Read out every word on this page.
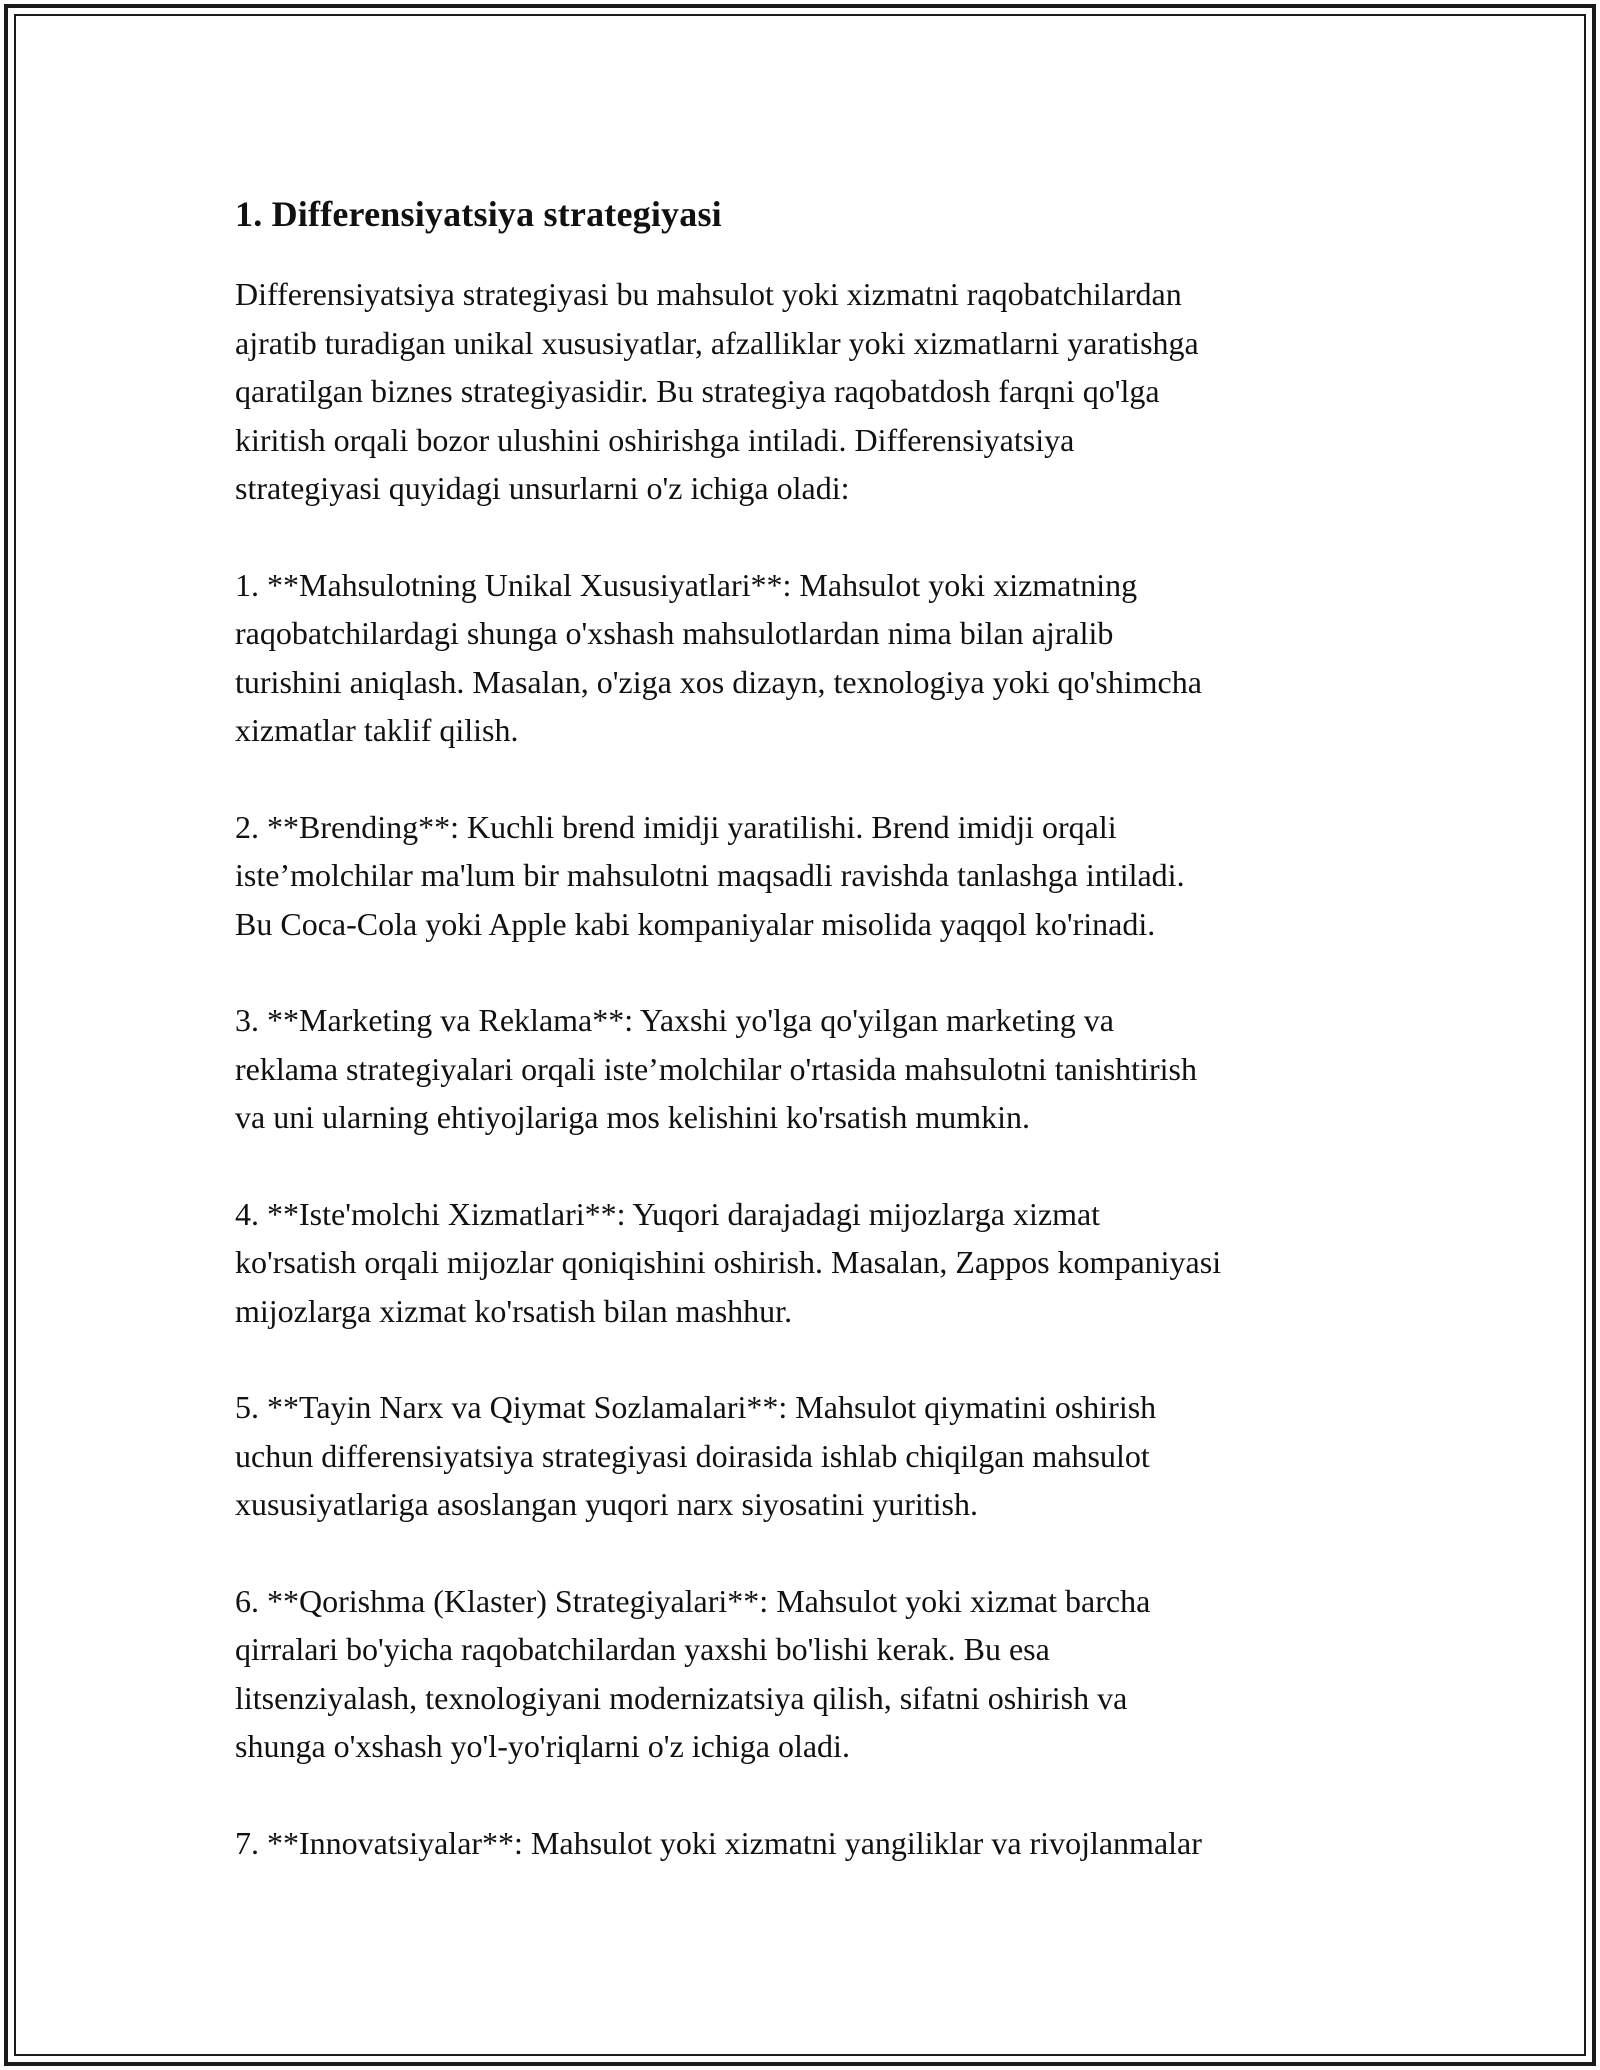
1. Differensiyatsiya strategiyasi

Differensiyatsiya strategiyasi bu mahsulot yoki xizmatni raqobatchilardan
ajratib turadigan unikal xususiyatlar, afzalliklar yoki xizmatlarni yaratishga
qaratilgan biznes strategiyasidir. Bu strategiya raqobatdosh farqni qo'lga
kiritish orqali bozor ulushini oshirishga intiladi. Differensiyatsiya
strategiyasi quyidagi unsurlarni o'z ichiga oladi:

1. **Mahsulotning Unikal Xususiyatlari**: Mahsulot yoki xizmatning
raqobatchilardagi shunga o'xshash mahsulotlardan nima bilan ajralib
turishini aniqlash. Masalan, o'ziga xos dizayn, texnologiya yoki qo'shimcha
xizmatlar taklif qilish.

2. **Brending**: Kuchli brend imidji yaratilishi. Brend imidji orqali
iste’molchilar ma'lum bir mahsulotni maqsadli ravishda tanlashga intiladi.
Bu Coca-Cola yoki Apple kabi kompaniyalar misolida yaqqol ko'rinadi.

3. **Marketing va Reklama**: Yaxshi yo'lga qo'yilgan marketing va
reklama strategiyalari orqali iste’molchilar o'rtasida mahsulotni tanishtirish
va uni ularning ehtiyojlariga mos kelishini ko'rsatish mumkin.

4. **Iste'molchi Xizmatlari**: Yuqori darajadagi mijozlarga xizmat
ko'rsatish orqali mijozlar qoniqishini oshirish. Masalan, Zappos kompaniyasi
mijozlarga xizmat ko'rsatish bilan mashhur.

5. **Tayin Narx va Qiymat Sozlamalari**: Mahsulot qiymatini oshirish
uchun differensiyatsiya strategiyasi doirasida ishlab chiqilgan mahsulot
xususiyatlariga asoslangan yuqori narx siyosatini yuritish.

6. **Qorishma (Klaster) Strategiyalari**: Mahsulot yoki xizmat barcha
qirralari bo'yicha raqobatchilardan yaxshi bo'lishi kerak. Bu esa
litsenziyalash, texnologiyani modernizatsiya qilish, sifatni oshirish va
shunga o'xshash yo'l-yo'riqlarni o'z ichiga oladi.

7. **Innovatsiyalar**: Mahsulot yoki xizmatni yangiliklar va rivojlanmalar
